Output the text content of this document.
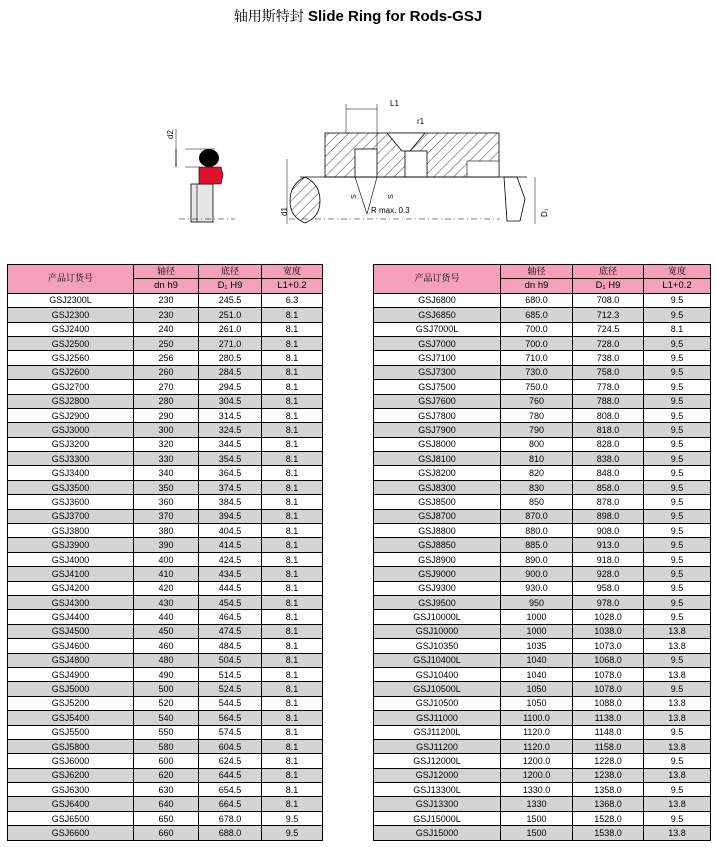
轴用斯特封 Slide Ring for Rods-GSJ
d2
L1
r1
d1
S	S
R max. 0.3	D₁
产品订货号	轴径	底径	宽度
	dn h9	D₁ H9	L1+0.2
GSJ2300L	230	245.5	6.3
GSJ2300	230	251.0	8.1
GSJ2400	240	261.0	8.1
GSJ2500	250	271.0	8.1
GSJ2560	256	280.5	8.1
GSJ2600	260	284.5	8.1
GSJ2700	270	294.5	8.1
GSJ2800	280	304.5	8.1
GSJ2900	290	314.5	8.1
GSJ3000	300	324.5	8.1
GSJ3200	320	344.5	8.1
GSJ3300	330	354.5	8.1
GSJ3400	340	364.5	8.1
GSJ3500	350	374.5	8.1
GSJ3600	360	384.5	8.1
GSJ3700	370	394.5	8.1
GSJ3800	380	404.5	8.1
GSJ3900	390	414.5	8.1
GSJ4000	400	424.5	8.1
GSJ4100	410	434.5	8.1
GSJ4200	420	444.5	8.1
GSJ4300	430	454.5	8.1
GSJ4400	440	464.5	8.1
GSJ4500	450	474.5	8.1
GSJ4600	460	484.5	8.1
GSJ4800	480	504.5	8.1
GSJ4900	490	514.5	8.1
GSJ5000	500	524.5	8.1
GSJ5200	520	544.5	8.1
GSJ5400	540	564.5	8.1
GSJ5500	550	574.5	8.1
GSJ5800	580	604.5	8.1
GSJ6000	600	624.5	8.1
GSJ6200	620	644.5	8.1
GSJ6300	630	654.5	8.1
GSJ6400	640	664.5	8.1
GSJ6500	650	678.0	9.5
GSJ6600	660	688.0	9.5
产品订货号	轴径	底径	宽度
	dn h9	D₁ H9	L1+0.2
GSJ6800	680.0	708.0	9.5
GSJ6850	685.0	712.3	9.5
GSJ7000L	700.0	724.5	8.1
GSJ7000	700.0	728.0	9.5
GSJ7100	710.0	738.0	9.5
GSJ7300	730.0	758.0	9.5
GSJ7500	750.0	778.0	9.5
GSJ7600	760	788.0	9.5
GSJ7800	780	808.0	9.5
GSJ7900	790	818.0	9.5
GSJ8000	800	828.0	9.5
GSJ8100	810	838.0	9.5
GSJ8200	820	848.0	9.5
GSJ8300	830	858.0	9.5
GSJ8500	850	878.0	9.5
GSJ8700	870.0	898.0	9.5
GSJ8800	880.0	908.0	9.5
GSJ8850	885.0	913.0	9.5
GSJ8900	890.0	918.0	9.5
GSJ9000	900.0	928.0	9.5
GSJ9300	930.0	958.0	9.5
GSJ9500	950	978.0	9.5
GSJ10000L	1000	1028.0	9.5
GSJ10000	1000	1038.0	13.8
GSJ10350	1035	1073.0	13.8
GSJ10400L	1040	1068.0	9.5
GSJ10400	1040	1078.0	13.8
GSJ10500L	1050	1078.0	9.5
GSJ10500	1050	1088.0	13.8
GSJ11000	1100.0	1138.0	13.8
GSJ11200L	1120.0	1148.0	9.5
GSJ11200	1120.0	1158.0	13.8
GSJ12000L	1200.0	1228.0	9.5
GSJ12000	1200.0	1238.0	13.8
GSJ13300L	1330.0	1358.0	9.5
GSJ13300	1330	1368.0	13.8
GSJ15000L	1500	1528.0	9.5
GSJ15000	1500	1538.0	13.8
